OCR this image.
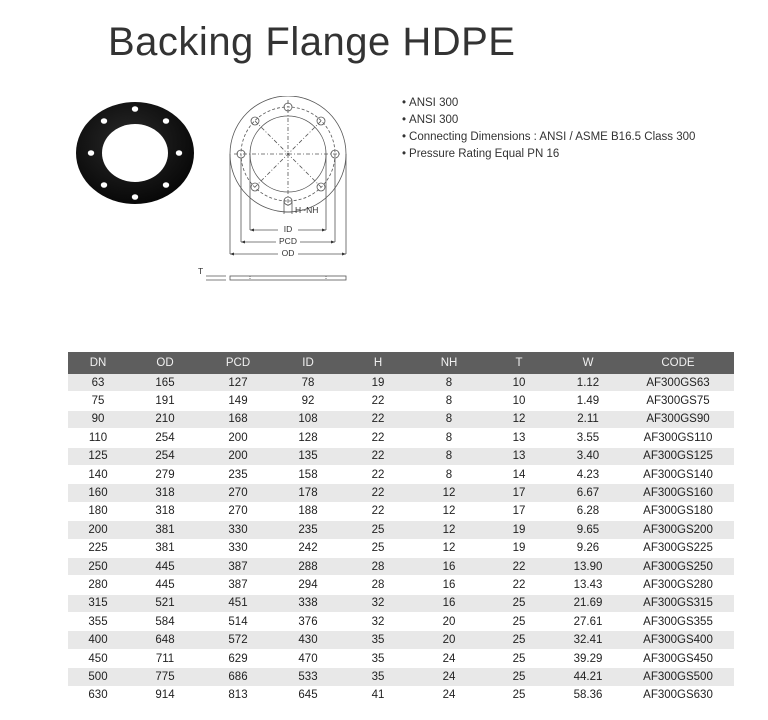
Backing Flange HDPE
H~NH
ID
PCD
OD
T
• ANSI 300
• ANSI 300
• Connecting Dimensions : ANSI / ASME B16.5 Class 300
• Pressure Rating Equal PN 16
DN	OD	PCD	ID	H	NH	T	W	CODE
63	165	127	78	19	8	10	1.12	AF300GS63
75	191	149	92	22	8	10	1.49	AF300GS75
90	210	168	108	22	8	12	2.11	AF300GS90
110	254	200	128	22	8	13	3.55	AF300GS110
125	254	200	135	22	8	13	3.40	AF300GS125
140	279	235	158	22	8	14	4.23	AF300GS140
160	318	270	178	22	12	17	6.67	AF300GS160
180	318	270	188	22	12	17	6.28	AF300GS180
200	381	330	235	25	12	19	9.65	AF300GS200
225	381	330	242	25	12	19	9.26	AF300GS225
250	445	387	288	28	16	22	13.90	AF300GS250
280	445	387	294	28	16	22	13.43	AF300GS280
315	521	451	338	32	16	25	21.69	AF300GS315
355	584	514	376	32	20	25	27.61	AF300GS355
400	648	572	430	35	20	25	32.41	AF300GS400
450	711	629	470	35	24	25	39.29	AF300GS450
500	775	686	533	35	24	25	44.21	AF300GS500
630	914	813	645	41	24	25	58.36	AF300GS630
